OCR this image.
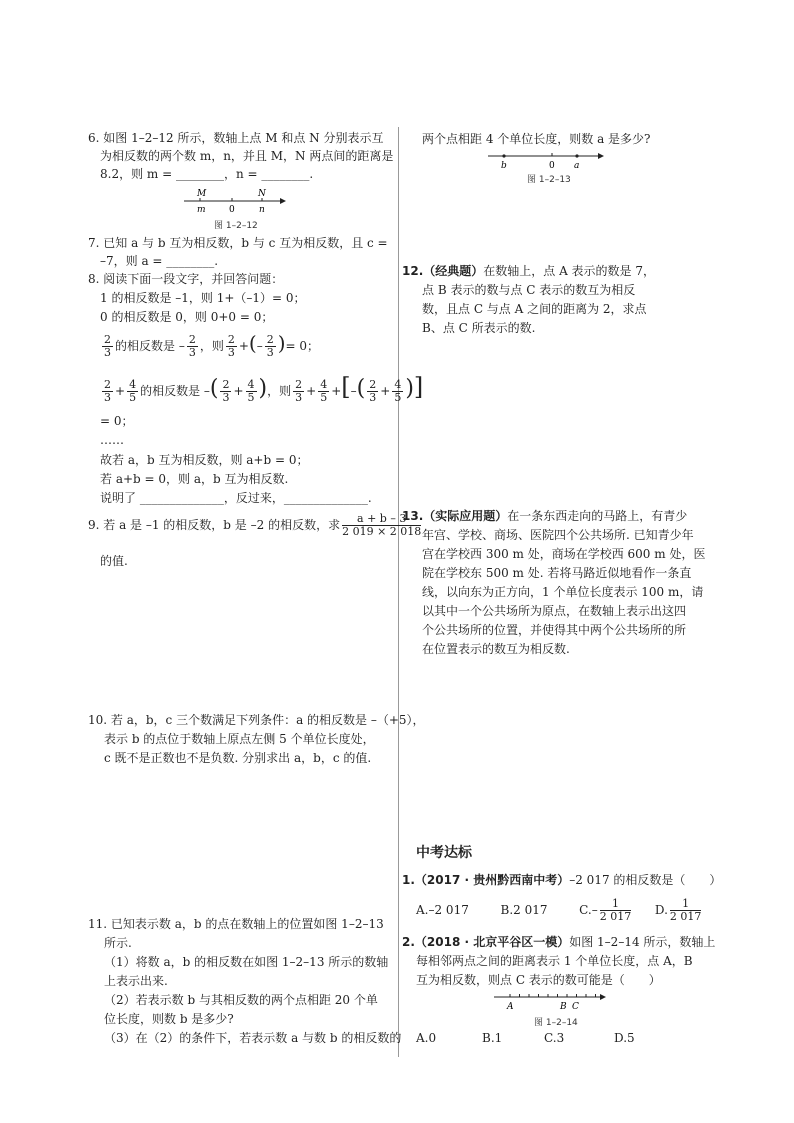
6. 如图 1–2–12 所示，数轴上点 M 和点 N 分别表示互
为相反数的两个数 m，n，并且 M，N 两点间的距离是
8.2，则 m = ________，n = ________.
M	N
m	0	n
图 1–2–12
7. 已知 a 与 b 互为相反数，b 与 c 互为相反数，且 c =
–7，则 a = ________.
8. 阅读下面一段文字，并回答问题：
1 的相反数是 –1，则 1+（–1）= 0；
0 的相反数是 0，则 0+0 = 0；
$\frac{2}{3}$ 的相反数是 – $\frac{2}{3}$ ，则 $\frac{2}{3}$ +(– $\frac{2}{3}$ )= 0；
$\frac{2}{3} + \frac{4}{5}$ 的相反数是 –( $\frac{2}{3} + \frac{4}{5}$ )，则 $\frac{2}{3} + \frac{4}{5}$ +[–( $\frac{2}{3} + \frac{4}{5}$ )]
= 0；
……
故若 a，b 互为相反数，则 a+b = 0；
若 a+b = 0，则 a，b 互为相反数.
说明了 ______________，反过来，______________.
9. 若 a 是 –1 的相反数，b 是 –2 的相反数，求 $\frac{a + b - 3}{2 019 \times 2 018}$
的值.
10. 若 a，b，c 三个数满足下列条件：a 的相反数是 –（+5），
表示 b 的点位于数轴上原点左侧 5 个单位长度处，
c 既不是正数也不是负数. 分别求出 a，b，c 的值.
11. 已知表示数 a，b 的点在数轴上的位置如图 1–2–13
所示.
（1）将数 a，b 的相反数在如图 1–2–13 所示的数轴
上表示出来.
（2）若表示数 b 与其相反数的两个点相距 20 个单
位长度，则数 b 是多少?
（3）在（2）的条件下，若表示数 a 与数 b 的相反数的
两个点相距 4 个单位长度，则数 a 是多少?
b	0 a
图 1–2–13
12.（经典题）在数轴上，点 A 表示的数是 7，
点 B 表示的数与点 C 表示的数互为相反
数，且点 C 与点 A 之间的距离为 2，求点
B、点 C 所表示的数.
13.（实际应用题）在一条东西走向的马路上，有青少
年宫、学校、商场、医院四个公共场所. 已知青少年
宫在学校西 300 m 处，商场在学校西 600 m 处，医
院在学校东 500 m 处. 若将马路近似地看作一条直
线，以向东为正方向，1 个单位长度表示 100 m，请
以其中一个公共场所为原点，在数轴上表示出这四
个公共场所的位置，并使得其中两个公共场所的所
在位置表示的数互为相反数.
中考达标
1.（2017 · 贵州黔西南中考）–2 017 的相反数是（　　）
A.–2 017	B.2 017	$C.- \frac{1}{2 017} D$. $\frac{1}{2 017}$
2.（2018 · 北京平谷区一模）如图 1–2–14 所示，数轴上
每相邻两点之间的距离表示 1 个单位长度，点 A，B
互为相反数，则点 C 表示的数可能是（　　）
A	B C
图 1–2–14
A.0	B.1	C.3	D.5
